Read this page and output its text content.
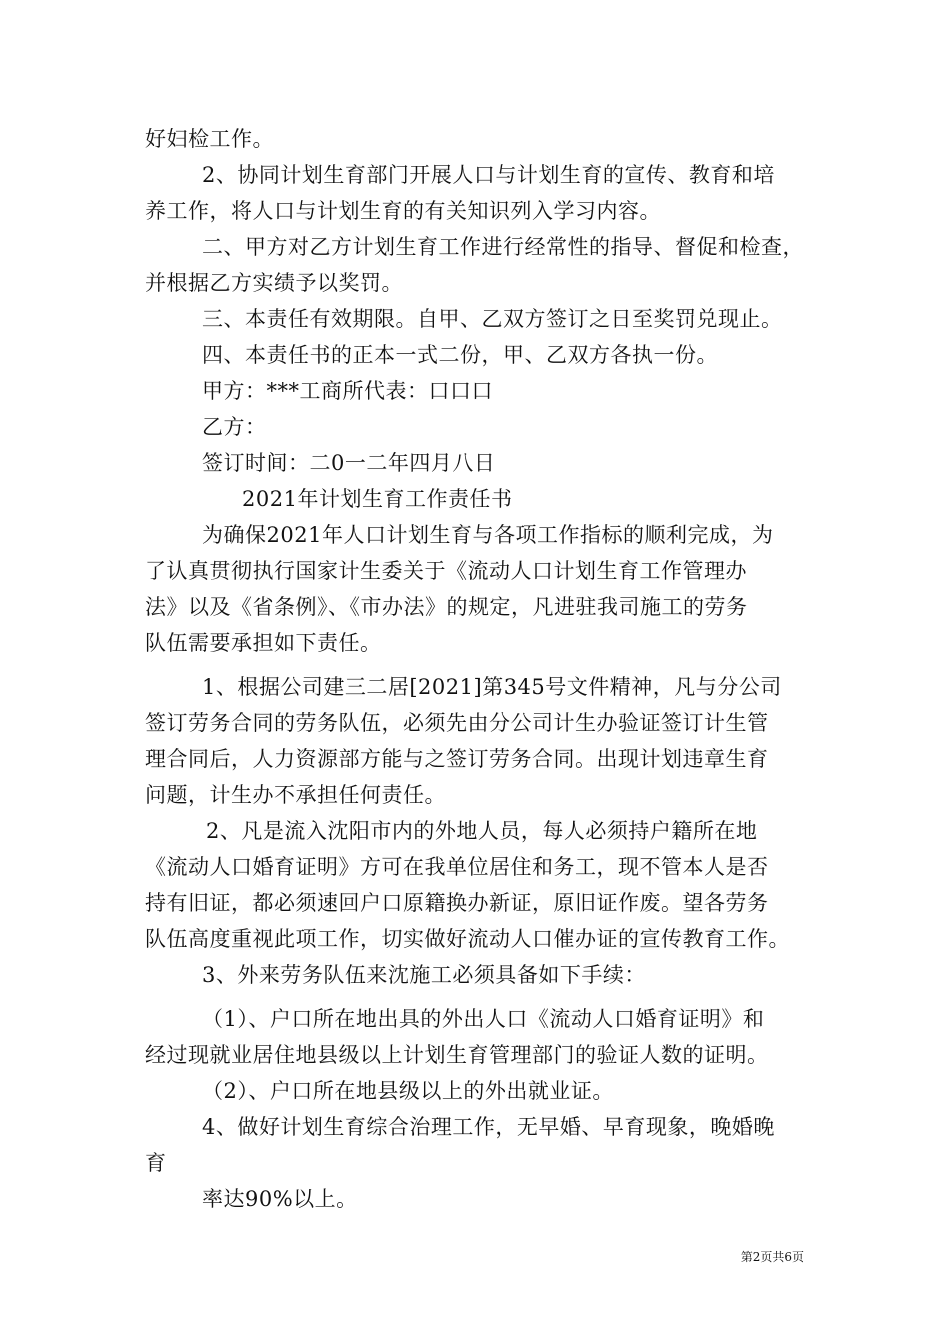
好妇检工作。
2、协同计划生育部门开展人口与计划生育的宣传、教育和培
养工作，将人口与计划生育的有关知识列入学习内容。
二、甲方对乙方计划生育工作进行经常性的指导、督促和检查，
并根据乙方实绩予以奖罚。
三、本责任有效期限。自甲、乙双方签订之日至奖罚兑现止。
四、本责任书的正本一式二份，甲、乙双方各执一份。
甲方：***工商所代表：口口口
乙方：
签订时间：二0一二年四月八日
2021年计划生育工作责任书
为确保2021年人口计划生育与各项工作指标的顺利完成，为
了认真贯彻执行国家计生委关于《流动人口计划生育工作管理办
法》以及《省条例》、《市办法》的规定，凡进驻我司施工的劳务
队伍需要承担如下责任。
1、根据公司建三二居[2021]第345号文件精神，凡与分公司
签订劳务合同的劳务队伍，必须先由分公司计生办验证签订计生管
理合同后，人力资源部方能与之签订劳务合同。出现计划违章生育
问题，计生办不承担任何责任。
2、凡是流入沈阳市内的外地人员，每人必须持户籍所在地
《流动人口婚育证明》方可在我单位居住和务工，现不管本人是否
持有旧证，都必须速回户口原籍换办新证，原旧证作废。望各劳务
队伍高度重视此项工作，切实做好流动人口催办证的宣传教育工作。
3、外来劳务队伍来沈施工必须具备如下手续：
（1）、户口所在地出具的外出人口《流动人口婚育证明》和
经过现就业居住地县级以上计划生育管理部门的验证人数的证明。
（2）、户口所在地县级以上的外出就业证。
4、做好计划生育综合治理工作，无早婚、早育现象，晚婚晚
育
率达90%以上。
第2页共6页
